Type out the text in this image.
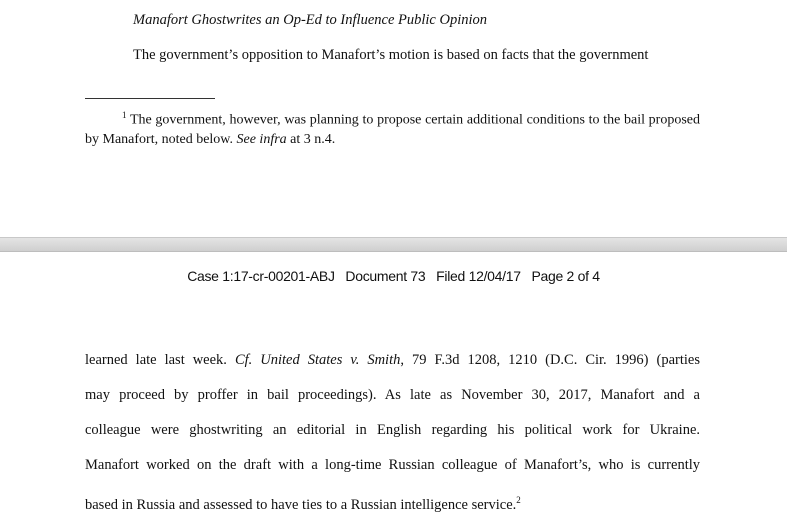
Manafort Ghostwrites an Op-Ed to Influence Public Opinion
The government’s opposition to Manafort’s motion is based on facts that the government
$^1$ The government, however, was planning to propose certain additional conditions to the bail proposed by Manafort, noted below. See infra at 3 n.4.
Case 1:17-cr-00201-ABJ   Document 73   Filed 12/04/17   Page 2 of 4
learned late last week. Cf. United States v. Smith, 79 F.3d 1208, 1210 (D.C. Cir. 1996) (parties
may proceed by proffer in bail proceedings). As late as November 30, 2017, Manafort and a
colleague were ghostwriting an editorial in English regarding his political work for Ukraine.
Manafort worked on the draft with a long-time Russian colleague of Manafort’s, who is currently
based in Russia and assessed to have ties to a Russian intelligence service.$^2$
